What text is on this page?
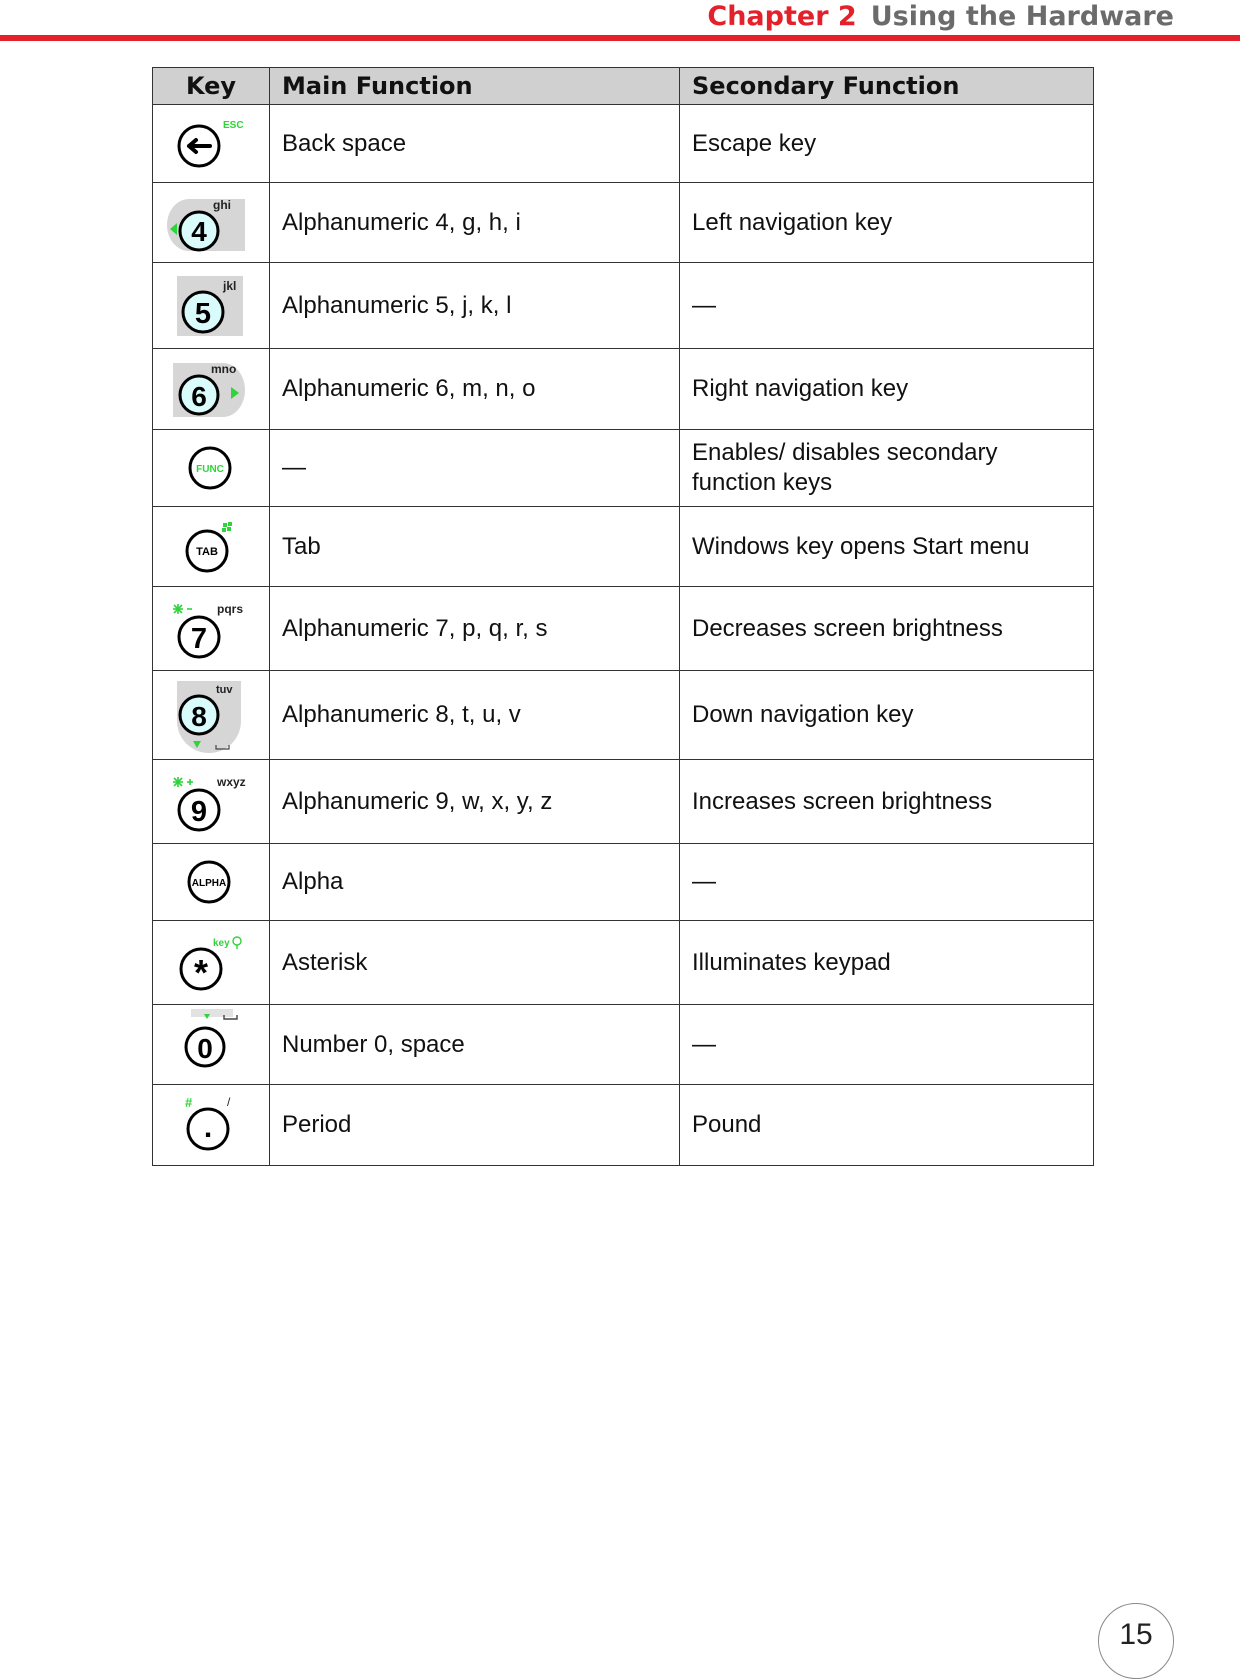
Chapter 2 Using the Hardware
Key	Main Function	Secondary Function

ESC	Back space	Escape key

ghi
4	Alphanumeric 4, g, h, i	Left navigation key

jkl
5	Alphanumeric 5, j, k, l	—

mno
6	Alphanumeric 6, m, n, o	Right navigation key

FUNC	—	Enables/ disables secondary function keys

TAB	Tab	Windows key opens Start menu

pqrs
7	Alphanumeric 7, p, q, r, s	Decreases screen brightness

tuv
8	Alphanumeric 8, t, u, v	Down navigation key

wxyz
9	Alphanumeric 9, w, x, y, z	Increases screen brightness

ALPHA	Alpha	—

key
*	Asterisk	Illuminates keypad

0	Number 0, space	—

# /
.	Period	Pound
15
